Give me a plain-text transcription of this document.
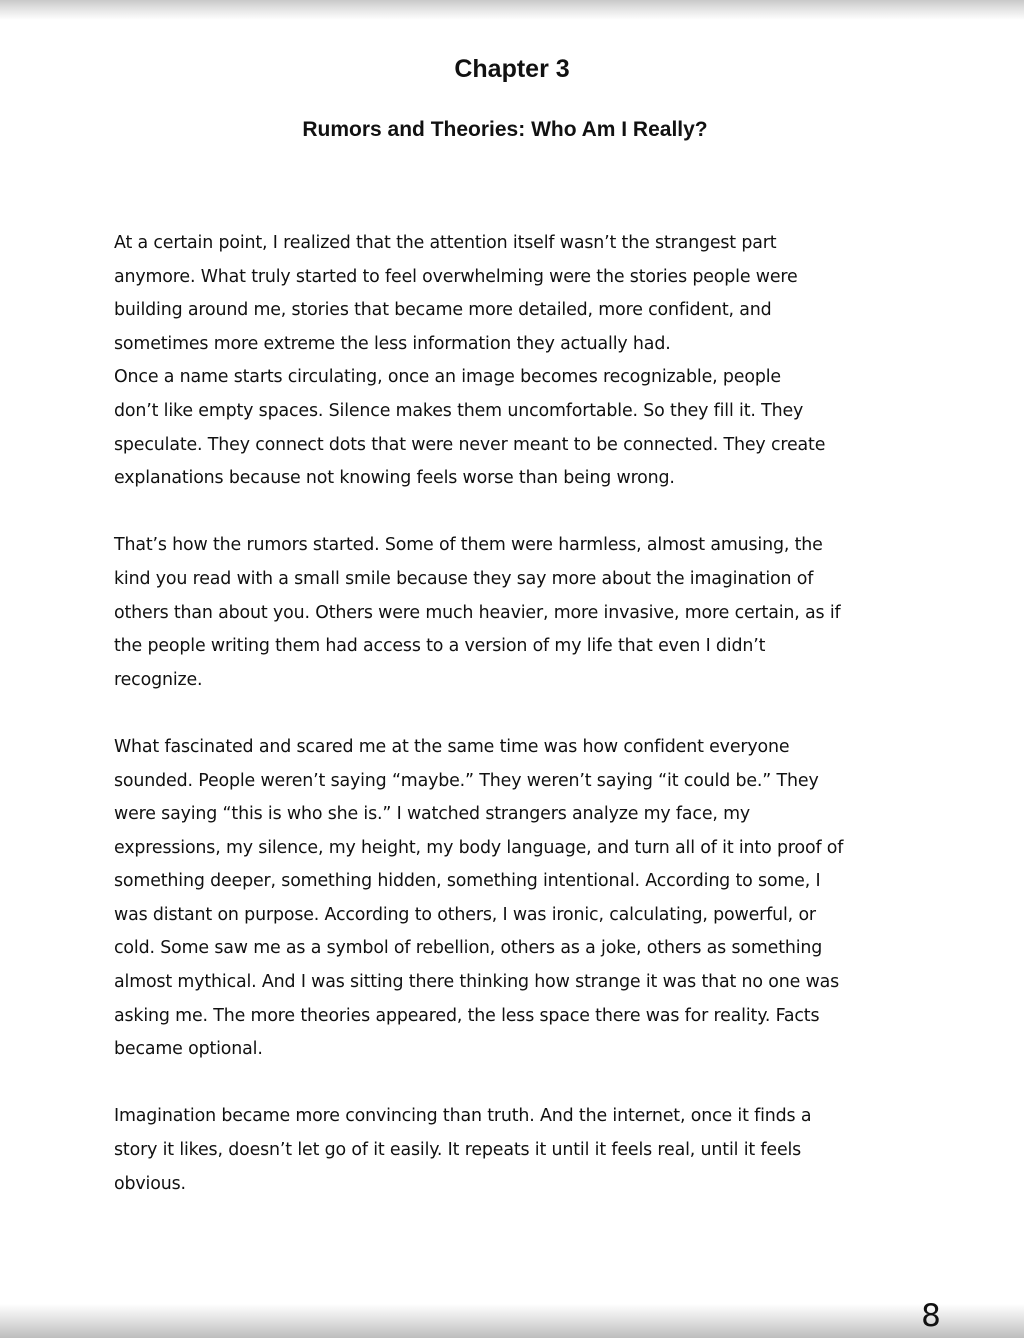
Chapter 3
Rumors and Theories: Who Am I Really?

At a certain point, I realized that the attention itself wasn’t the strangest part
anymore. What truly started to feel overwhelming were the stories people were
building around me, stories that became more detailed, more confident, and
sometimes more extreme the less information they actually had.
Once a name starts circulating, once an image becomes recognizable, people
don’t like empty spaces. Silence makes them uncomfortable. So they fill it. They
speculate. They connect dots that were never meant to be connected. They create
explanations because not knowing feels worse than being wrong.

That’s how the rumors started. Some of them were harmless, almost amusing, the
kind you read with a small smile because they say more about the imagination of
others than about you. Others were much heavier, more invasive, more certain, as if
the people writing them had access to a version of my life that even I didn’t
recognize.

What fascinated and scared me at the same time was how confident everyone
sounded. People weren’t saying “maybe.” They weren’t saying “it could be.” They
were saying “this is who she is.” I watched strangers analyze my face, my
expressions, my silence, my height, my body language, and turn all of it into proof of
something deeper, something hidden, something intentional. According to some, I
was distant on purpose. According to others, I was ironic, calculating, powerful, or
cold. Some saw me as a symbol of rebellion, others as a joke, others as something
almost mythical. And I was sitting there thinking how strange it was that no one was
asking me. The more theories appeared, the less space there was for reality. Facts
became optional.

Imagination became more convincing than truth. And the internet, once it finds a
story it likes, doesn’t let go of it easily. It repeats it until it feels real, until it feels
obvious.

8
